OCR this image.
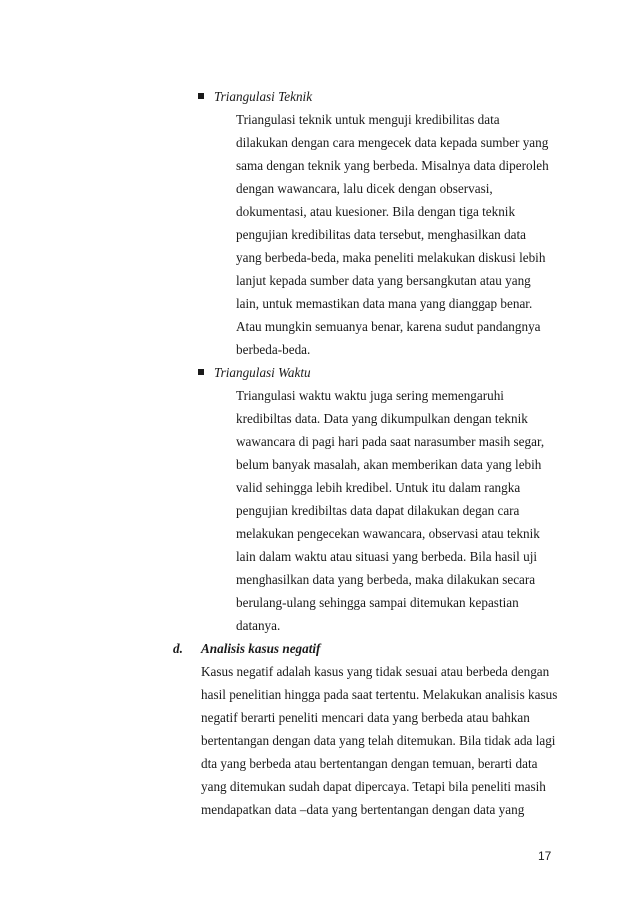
Triangulasi Teknik
Triangulasi teknik untuk menguji kredibilitas data
dilakukan dengan cara mengecek data kepada sumber yang
sama dengan teknik yang berbeda. Misalnya data diperoleh
dengan wawancara, lalu dicek dengan observasi,
dokumentasi, atau kuesioner. Bila dengan tiga teknik
pengujian kredibilitas data tersebut, menghasilkan data
yang berbeda-beda, maka peneliti melakukan diskusi lebih
lanjut kepada sumber data yang bersangkutan atau yang
lain, untuk memastikan data mana yang dianggap benar.
Atau mungkin semuanya benar, karena sudut pandangnya
berbeda-beda.
Triangulasi Waktu
Triangulasi waktu waktu juga sering memengaruhi
kredibiltas data. Data yang dikumpulkan dengan teknik
wawancara di pagi hari pada saat narasumber masih segar,
belum banyak masalah, akan memberikan data yang lebih
valid sehingga lebih kredibel. Untuk itu dalam rangka
pengujian kredibiltas data dapat dilakukan degan cara
melakukan pengecekan wawancara, observasi atau teknik
lain dalam waktu atau situasi yang berbeda. Bila hasil uji
menghasilkan data yang berbeda, maka dilakukan secara
berulang-ulang sehingga sampai ditemukan kepastian
datanya.
d. Analisis kasus negatif
Kasus negatif adalah kasus yang tidak sesuai atau berbeda dengan
hasil penelitian hingga pada saat tertentu. Melakukan analisis kasus
negatif berarti peneliti mencari data yang berbeda atau bahkan
bertentangan dengan data yang telah ditemukan. Bila tidak ada lagi
dta yang berbeda atau bertentangan dengan temuan, berarti data
yang ditemukan sudah dapat dipercaya. Tetapi bila peneliti masih
mendapatkan data –data yang bertentangan dengan data yang
17
